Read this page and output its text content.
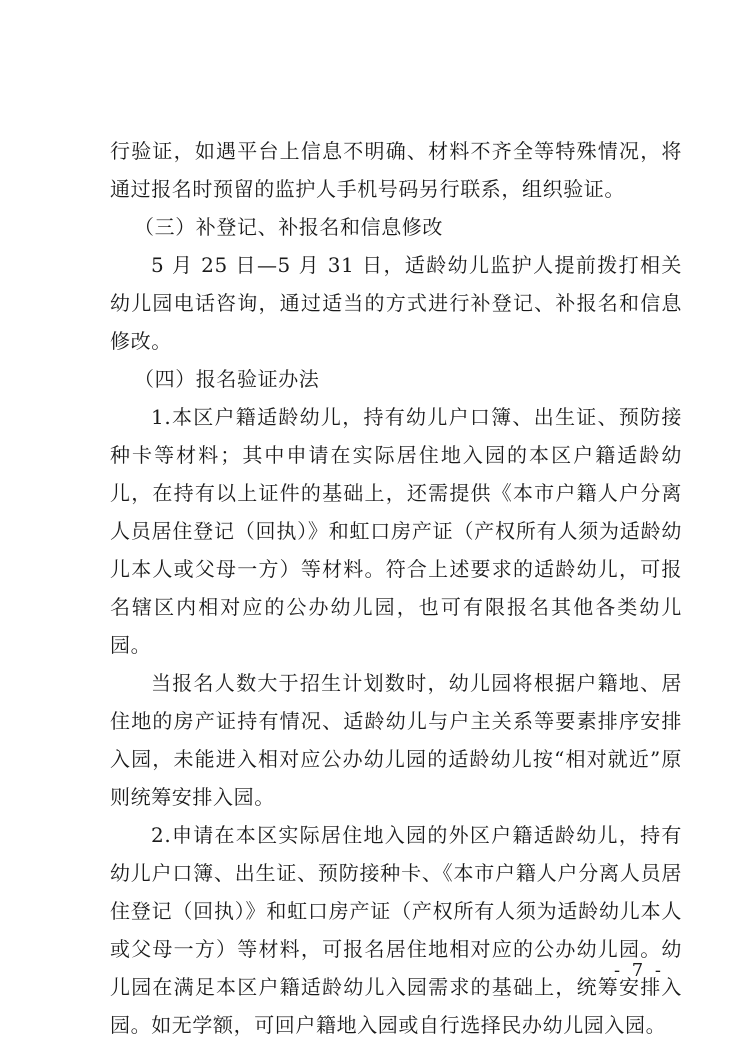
行验证，如遇平台上信息不明确、材料不齐全等特殊情况，将通过报名时预留的监护人手机号码另行联系，组织验证。

（三）补登记、补报名和信息修改

5 月 25 日—5 月 31 日，适龄幼儿监护人提前拨打相关幼儿园电话咨询，通过适当的方式进行补登记、补报名和信息修改。

（四）报名验证办法

1.本区户籍适龄幼儿，持有幼儿户口簿、出生证、预防接种卡等材料；其中申请在实际居住地入园的本区户籍适龄幼儿，在持有以上证件的基础上，还需提供《本市户籍人户分离人员居住登记（回执）》和虹口房产证（产权所有人须为适龄幼儿本人或父母一方）等材料。符合上述要求的适龄幼儿，可报名辖区内相对应的公办幼儿园，也可有限报名其他各类幼儿园。

当报名人数大于招生计划数时，幼儿园将根据户籍地、居住地的房产证持有情况、适龄幼儿与户主关系等要素排序安排入园，未能进入相对应公办幼儿园的适龄幼儿按“相对就近”原则统筹安排入园。

2.申请在本区实际居住地入园的外区户籍适龄幼儿，持有幼儿户口簿、出生证、预防接种卡、《本市户籍人户分离人员居住登记（回执）》和虹口房产证（产权所有人须为适龄幼儿本人或父母一方）等材料，可报名居住地相对应的公办幼儿园。幼儿园在满足本区户籍适龄幼儿入园需求的基础上，统筹安排入园。如无学额，可回户籍地入园或自行选择民办幼儿园入园。

- 7 -
